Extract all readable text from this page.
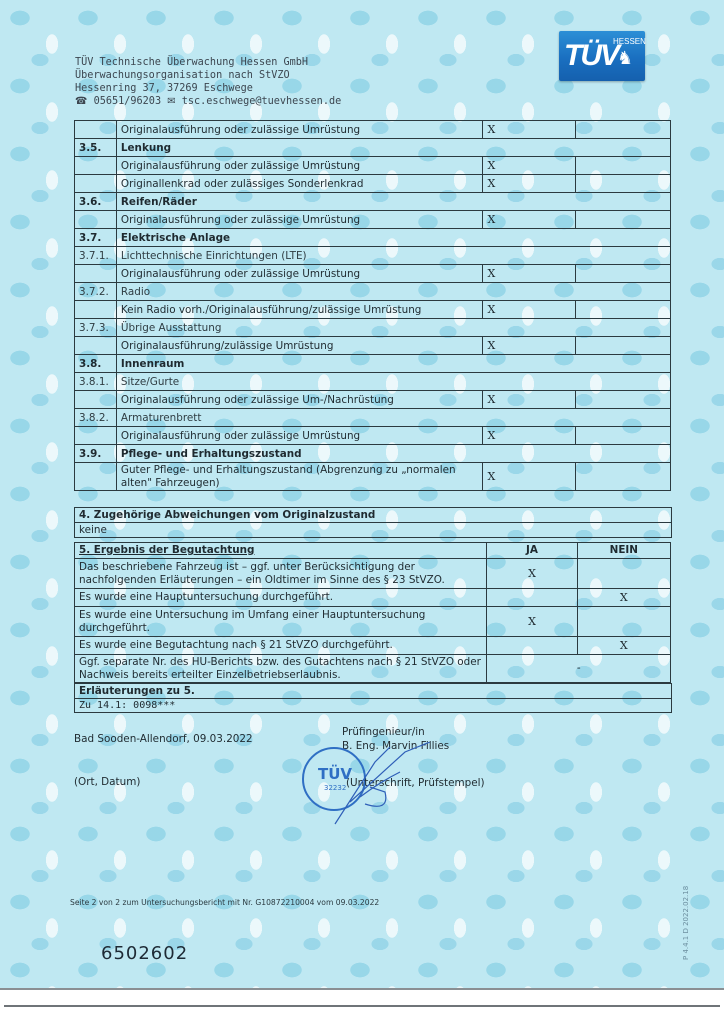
TÜV Technische Überwachung Hessen GmbH
Überwachungsorganisation nach StVZO
Hessenring 37, 37269 Eschwege
☎ 05651/96203 ✉ tsc.eschwege@tuevhessen.de
TÜV
HESSEN
♞
	Originalausführung oder zulässige Umrüstung	X	
3.5.	Lenkung		
	Originalausführung oder zulässige Umrüstung	X	
	Originallenkrad oder zulässiges Sonderlenkrad	X	
3.6.	Reifen/Räder		
	Originalausführung oder zulässige Umrüstung	X	
3.7.	Elektrische Anlage		
3.7.1.	Lichttechnische Einrichtungen (LTE)		
	Originalausführung oder zulässige Umrüstung	X	
3.7.2.	Radio		
	Kein Radio vorh./Originalausführung/zulässige Umrüstung	X	
3.7.3.	Übrige Ausstattung		
	Originalausführung/zulässige Umrüstung	X	
3.8.	Innenraum		
3.8.1.	Sitze/Gurte		
	Originalausführung oder zulässige Um-/Nachrüstung	X	
3.8.2.	Armaturenbrett		
	Originalausführung oder zulässige Umrüstung	X	
3.9.	Pflege- und Erhaltungszustand		
	Guter Pflege- und Erhaltungszustand (Abgrenzung zu „normalen alten" Fahrzeugen)	X	
4. Zugehörige Abweichungen vom Originalzustand
keine
5. Ergebnis der Begutachtung	JA	NEIN
Das beschriebene Fahrzeug ist – ggf. unter Berücksichtigung der nachfolgenden Erläuterungen – ein Oldtimer im Sinne des § 23 StVZO.	X	
Es wurde eine Hauptuntersuchung durchgeführt.		X
Es wurde eine Untersuchung im Umfang einer Hauptuntersuchung durchgeführt.	X	
Es wurde eine Begutachtung nach § 21 StVZO durchgeführt.		X
Ggf. separate Nr. des HU-Berichts bzw. des Gutachtens nach § 21 StVZO oder Nachweis bereits erteilter Einzelbetriebserlaubnis.	-	
Erläuterungen zu 5.
Zu 14.1: 0098***
Bad Sooden-Allendorf, 09.03.2022
(Ort, Datum)
Prüfingenieur/in
B. Eng. Marvin Fillies
TÜV
32232 (Unterschrift, Prüfstempel)
Seite 2 von 2 zum Untersuchungsbericht mit Nr. G10872210004 vom 09.03.2022
6502602	P 4.4.1 D 2022.02.18
